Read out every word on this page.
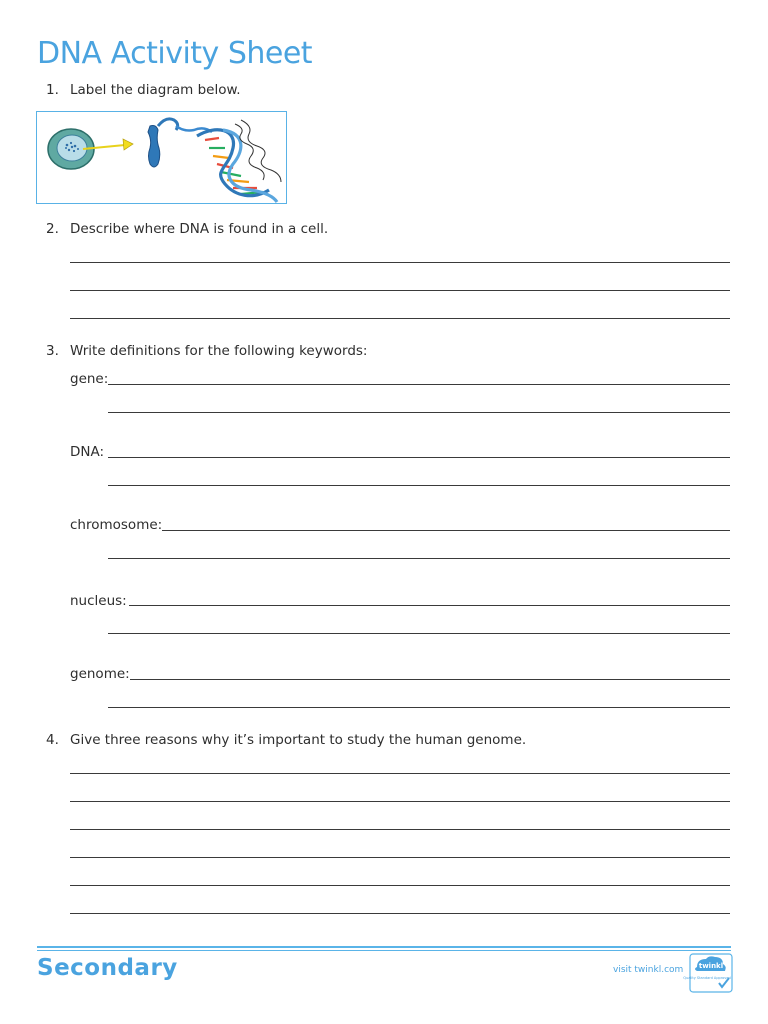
DNA Activity Sheet
1. Label the diagram below.
2. Describe where DNA is found in a cell.
3. Write definitions for the following keywords:
gene:
DNA:
chromosome:
nucleus:
genome:
4. Give three reasons why it’s important to study the human genome.
Secondary	visit twinkl.com twinkl
Quality Standard Approved
